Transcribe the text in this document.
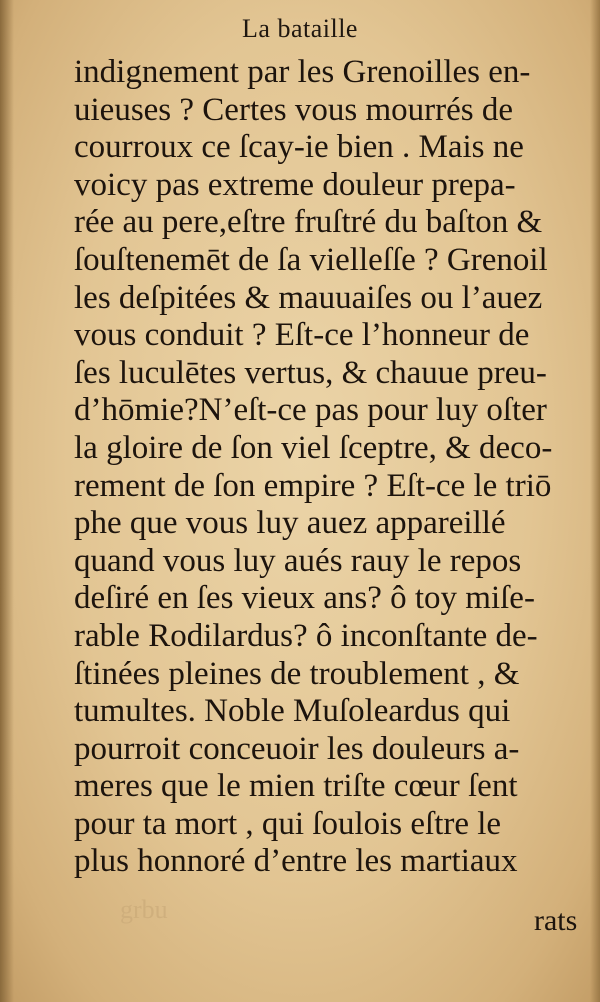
La bataille
indignement par les Grenoilles en-
uieuses ? Certes vous mourrés de
courroux ce ſcay-ie bien . Mais ne
voicy pas extreme douleur prepa-
rée au pere,eſtre fruſtré du baſton &
ſouſtenemēt de ſa vielleſſe ? Grenoil
les deſpitées & mauuaiſes ou l’auez
vous conduit ? Eſt-ce l’honneur de
ſes luculētes vertus, & chauue preu-
d’hōmie?N’eſt-ce pas pour luy oſter
la gloire de ſon viel ſceptre, & deco-
rement de ſon empire ? Eſt-ce le triō
phe que vous luy auez appareillé
quand vous luy aués rauy le repos
deſiré en ſes vieux ans? ô toy miſe-
rable Rodilardus? ô inconſtante de-
ſtinées pleines de troublement , &
tumultes. Noble Muſoleardus qui
pourroit conceuoir les douleurs a-
meres que le mien triſte cœur ſent
pour ta mort , qui ſoulois eſtre le
plus honnoré d’entre les martiaux
grbu	rats
